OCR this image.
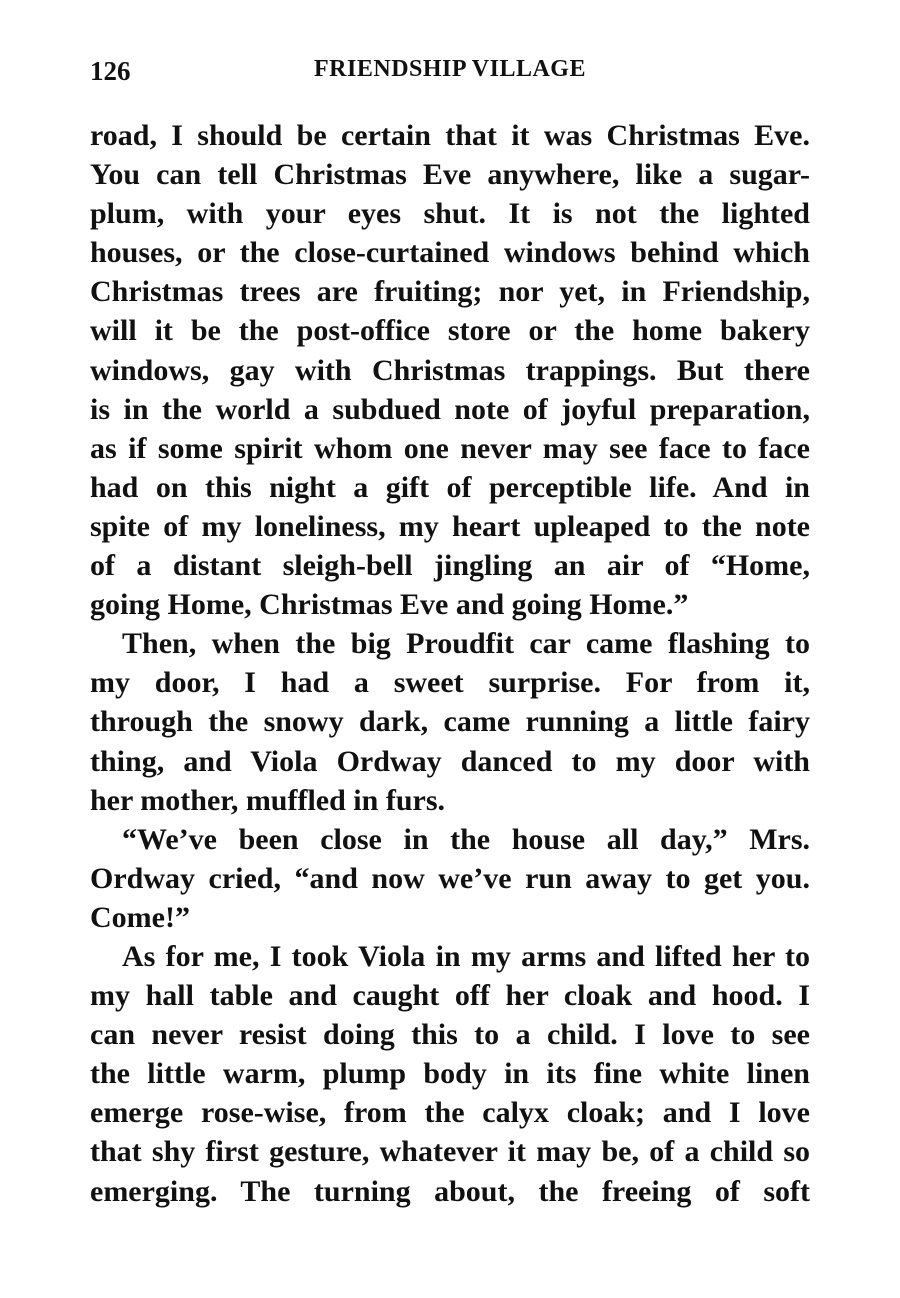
126	FRIENDSHIP VILLAGE
road, I should be certain that it was Christmas Eve.
You can tell Christmas Eve anywhere, like a sugar-
plum, with your eyes shut. It is not the lighted
houses, or the close-curtained windows behind which
Christmas trees are fruiting; nor yet, in Friendship,
will it be the post-office store or the home bakery
windows, gay with Christmas trappings. But there
is in the world a subdued note of joyful preparation,
as if some spirit whom one never may see face to face
had on this night a gift of perceptible life. And in
spite of my loneliness, my heart upleaped to the note
of a distant sleigh-bell jingling an air of “Home,
going Home, Christmas Eve and going Home.”
Then, when the big Proudfit car came flashing to
my door, I had a sweet surprise. For from it,
through the snowy dark, came running a little fairy
thing, and Viola Ordway danced to my door with
her mother, muffled in furs.
“We’ve been close in the house all day,” Mrs.
Ordway cried, “and now we’ve run away to get you.
Come!”
As for me, I took Viola in my arms and lifted her to
my hall table and caught off her cloak and hood. I
can never resist doing this to a child. I love to see
the little warm, plump body in its fine white linen
emerge rose-wise, from the calyx cloak; and I love
that shy first gesture, whatever it may be, of a child so
emerging. The turning about, the freeing of soft
